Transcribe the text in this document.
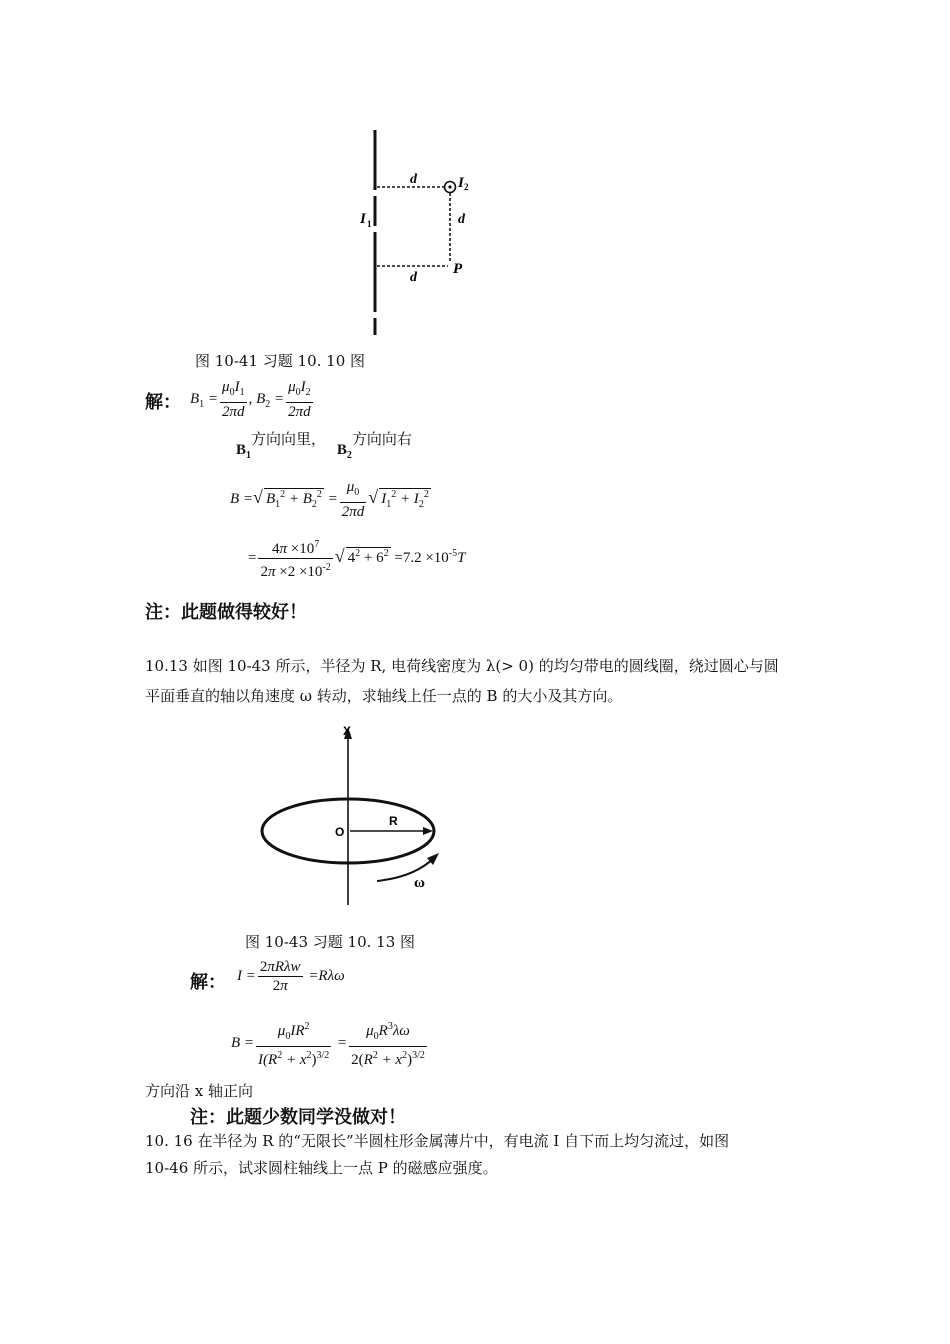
d
d
d
I 2
I 1
P
图 10-41 习题 10. 10 图
解： $B_1 = \frac{\mu_0I_1}{2\pi d}$ , $B_2 = \frac{\mu_0I_2}{2\pi d}$
$B_1$方向向里， $B_2$方向向右
B =√ $B_1^2 + B_2^2 = \frac{\mu_0}{2\pi d}$ √ $I_1^2 + I_2^2$
= $\frac{4\pi \times 10^7}{2\pi \times 2 \times 10^{-2}}$ √ $4^2 + 6^2 =7.2 \times 10^{-5}T$
注：此题做得较好！
10.13 如图 10-43 所示，半径为 R, 电荷线密度为 λ(> 0) 的均匀带电的圆线圈，绕过圆心与圆
平面垂直的轴以角速度 ω 转动，求轴线上任一点的 B 的大小及其方向。
X
O
R
ω
图 10-43 习题 10. 13 图
解： $I = \frac{\text{2πRλw}}{2\pi} =R\lambda\omega$
$B = \frac{\mu_0IR^2}{I(R^2 + x^2)^{3/2}} = \frac{\mu_0R^3\lambda\omega}{2(R^2 + x^2)^{3/2}}$
方向沿 x 轴正向
注：此题少数同学没做对！
10. 16 在半径为 R 的“无限长”半圆柱形金属薄片中，有电流 I 自下而上均匀流过，如图
10-46 所示，试求圆柱轴线上一点 P 的磁感应强度。
